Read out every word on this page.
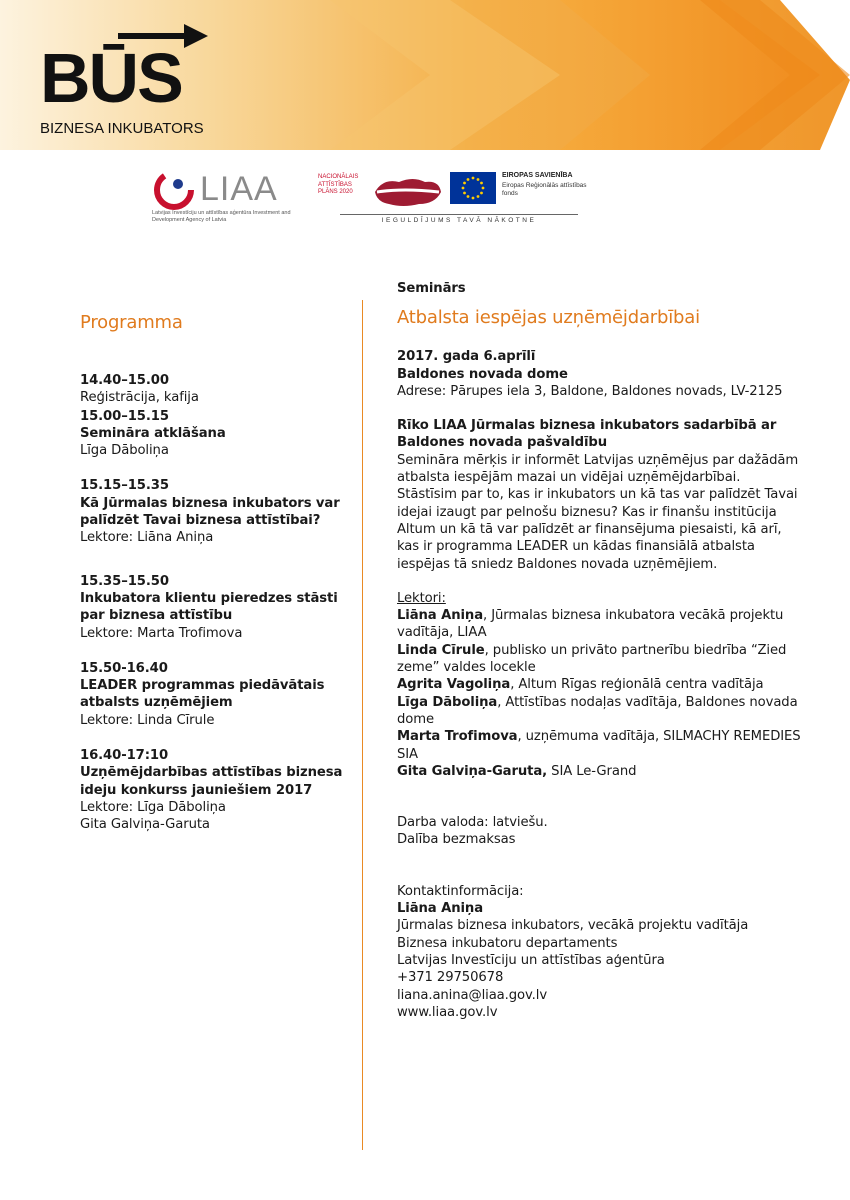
BŪS
BIZNESA INKUBATORS
LIAA
Latvijas Investīciju un attīstības aģentūra Investment and Development Agency of Latvia
NACIONĀLAIS ATTĪSTĪBAS PLĀNS 2020
EIROPAS SAVIENĪBA
Eiropas Reģionālās attīstības fonds
IEGULDĪJUMS TAVĀ NĀKOTNE
Programma

14.40–15.00

Reģistrācija, kafija

15.00–15.15

Semināra atklāšana

Līga Dāboliņa

15.15–15.35

Kā Jūrmalas biznesa inkubators var palīdzēt Tavai biznesa attīstībai?

Lektore: Liāna Aniņa

15.35–15.50

Inkubatora klientu pieredzes stāsti par biznesa attīstību

Lektore: Marta Trofimova

15.50-16.40

LEADER programmas piedāvātais atbalsts uzņēmējiem

Lektore: Linda Cīrule

16.40-17:10

Uzņēmējdarbības attīstības biznesa ideju konkurss jauniešiem 2017

Lektore: Līga Dāboliņa

Gita Galviņa-Garuta

Seminārs
Atbalsta iespējas uzņēmējdarbībai

2017. gada 6.aprīlī

Baldones novada dome

Adrese: Pārupes iela 3, Baldone, Baldones novads, LV-2125

Rīko LIAA Jūrmalas biznesa inkubators sadarbībā ar Baldones novada pašvaldību

Semināra mērķis ir informēt Latvijas uzņēmējus par dažādām atbalsta iespējām mazai un vidējai uzņēmējdarbībai.

Stāstīsim par to, kas ir inkubators un kā tas var palīdzēt Tavai idejai izaugt par pelnošu biznesu? Kas ir finanšu institūcija Altum un kā tā var palīdzēt ar finansējuma piesaisti, kā arī, kas ir programma LEADER un kādas finansiālā atbalsta iespējas tā sniedz Baldones novada uzņēmējiem.

Lektori:

Liāna Aniņa, Jūrmalas biznesa inkubatora vecākā projektu vadītāja, LIAA

Linda Cīrule, publisko un privāto partnerību biedrība “Zied zeme” valdes locekle

Agrita Vagoliņa, Altum Rīgas reģionālā centra vadītāja

Līga Dāboliņa, Attīstības nodaļas vadītāja, Baldones novada dome

Marta Trofimova, uzņēmuma vadītāja, SILMACHY REMEDIES SIA

Gita Galviņa-Garuta, SIA Le-Grand

Darba valoda: latviešu.

Dalība bezmaksas

Kontaktinformācija:

Liāna Aniņa

Jūrmalas biznesa inkubators, vecākā projektu vadītāja

Biznesa inkubatoru departaments

Latvijas Investīciju un attīstības aģentūra

+371 29750678

liana.anina@liaa.gov.lv

www.liaa.gov.lv
